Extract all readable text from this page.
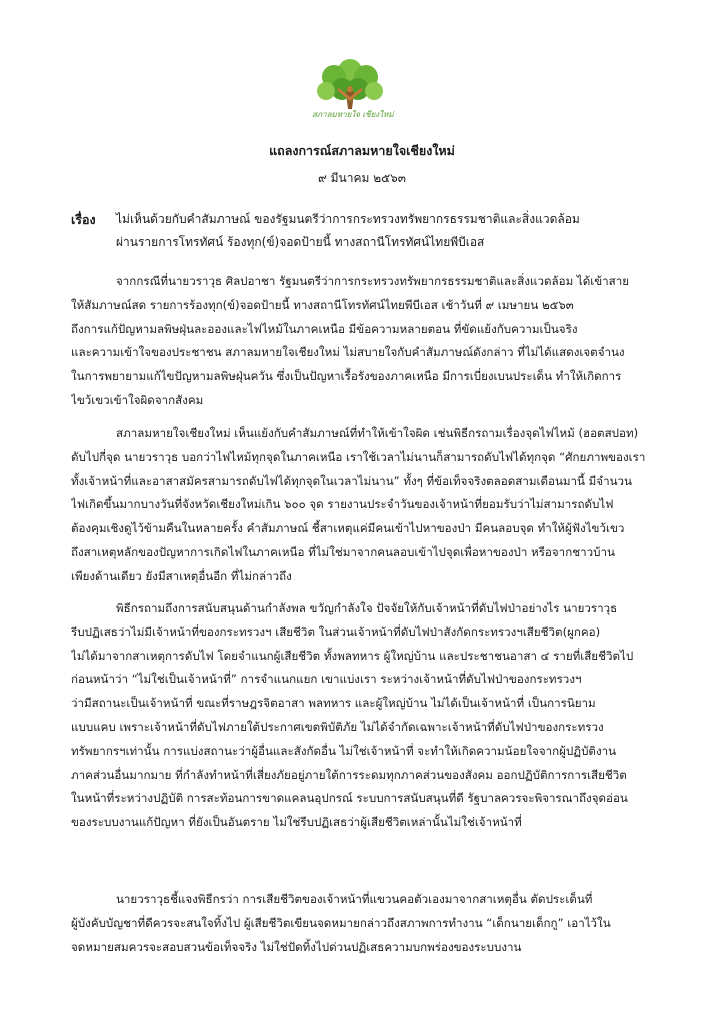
สภาลมหายใจ เชียงใหม่
แถลงการณ์สภาลมหายใจเชียงใหม่
๙ มีนาคม ๒๕๖๓
เรื่อง ไม่เห็นด้วยกับคำสัมภาษณ์ ของรัฐมนตรีว่าการกระทรวงทรัพยากรธรรมชาติและสิ่งแวดล้อม
ผ่านรายการโทรทัศน์ ร้องทุก(ข์)จอดป้ายนี้ ทางสถานีโทรทัศน์ไทยพีบีเอส
จากกรณีที่นายวราวุธ ศิลปอาชา รัฐมนตรีว่าการกระทรวงทรัพยากรธรรมชาติและสิ่งแวดล้อม ได้เข้าสาย
ให้สัมภาษณ์สด รายการร้องทุก(ข์)จอดป้ายนี้ ทางสถานีโทรทัศน์ไทยพีบีเอส เช้าวันที่ ๙ เมษายน ๒๕๖๓
ถึงการแก้ปัญหามลพิษฝุ่นละอองและไฟไหม้ในภาคเหนือ มีข้อความหลายตอน ที่ขัดแย้งกับความเป็นจริง
และความเข้าใจของประชาชน สภาลมหายใจเชียงใหม่ ไม่สบายใจกับคำสัมภาษณ์ดังกล่าว ที่ไม่ได้แสดงเจตจำนง
ในการพยายามแก้ไขปัญหามลพิษฝุ่นควัน ซึ่งเป็นปัญหาเรื้อรังของภาคเหนือ มีการเบี่ยงเบนประเด็น ทำให้เกิดการ
ไขว้เขวเข้าใจผิดจากสังคม
สภาลมหายใจเชียงใหม่ เห็นแย้งกับคำสัมภาษณ์ที่ทำให้เข้าใจผิด เช่นพิธีกรถามเรื่องจุดไฟไหม้ (ฮอตสปอท)
ดับไปกี่จุด นายวราวุธ บอกว่าไฟไหม้ทุกจุดในภาคเหนือ เราใช้เวลาไม่นานก็สามารถดับไฟได้ทุกจุด “ศักยภาพของเรา
ทั้งเจ้าหน้าที่และอาสาสมัครสามารถดับไฟได้ทุกจุดในเวลาไม่นาน” ทั้งๆ ที่ข้อเท็จจริงตลอดสามเดือนมานี้ มีจำนวน
ไฟเกิดขึ้นมากบางวันที่จังหวัดเชียงใหม่เกิน ๖๐๐ จุด รายงานประจำวันของเจ้าหน้าที่ยอมรับว่าไม่สามารถดับไฟ
ต้องคุมเชิงดูไว้ข้ามคืนในหลายครั้ง คำสัมภาษณ์ ชี้สาเหตุแค่มีคนเข้าไปหาของป่า มีคนลอบจุด ทำให้ผู้ฟังไขว้เขว
ถึงสาเหตุหลักของปัญหาการเกิดไฟในภาคเหนือ ที่ไม่ใช่มาจากคนลอบเข้าไปจุดเพื่อหาของป่า หรือจากชาวบ้าน
เพียงด้านเดียว ยังมีสาเหตุอื่นอีก ที่ไม่กล่าวถึง
พิธีกรถามถึงการสนับสนุนด้านกำลังพล ขวัญกำลังใจ ปัจจัยให้กับเจ้าหน้าที่ดับไฟป่าอย่างไร นายวราวุธ
รีบปฏิเสธว่าไม่มีเจ้าหน้าที่ของกระทรวงฯ เสียชีวิต ในส่วนเจ้าหน้าที่ดับไฟป่าสังกัดกระทรวงฯเสียชีวิต(ผูกคอ)
ไม่ได้มาจากสาเหตุการดับไฟ โดยจำแนกผู้เสียชีวิต ทั้งพลทหาร ผู้ใหญ่บ้าน และประชาชนอาสา ๔ รายที่เสียชีวิตไป
ก่อนหน้าว่า “ไม่ใช่เป็นเจ้าหน้าที่” การจำแนกแยก เขาแบ่งเรา ระหว่างเจ้าหน้าที่ดับไฟป่าของกระทรวงฯ
ว่ามีสถานะเป็นเจ้าหน้าที่ ขณะที่ราษฎรจิตอาสา พลทหาร และผู้ใหญ่บ้าน ไม่ได้เป็นเจ้าหน้าที่ เป็นการนิยาม
แบบแคบ เพราะเจ้าหน้าที่ดับไฟภายใต้ประกาศเขตพิบัติภัย ไม่ได้จำกัดเฉพาะเจ้าหน้าที่ดับไฟป่าของกระทรวง
ทรัพยากรฯเท่านั้น การแบ่งสถานะว่าผู้อื่นและสังกัดอื่น ไม่ใช่เจ้าหน้าที่ จะทำให้เกิดความน้อยใจจากผู้ปฏิบัติงาน
ภาคส่วนอื่นมากมาย ที่กำลังทำหน้าที่เสี่ยงภัยอยู่ภายใต้การระดมทุกภาคส่วนของสังคม ออกปฏิบัติการการเสียชีวิต
ในหน้าที่ระหว่างปฏิบัติ การสะท้อนการขาดแคลนอุปกรณ์ ระบบการสนับสนุนที่ดี รัฐบาลควรจะพิจารณาถึงจุดอ่อน
ของระบบงานแก้ปัญหา ที่ยังเป็นอันตราย ไม่ใช่รีบปฏิเสธว่าผู้เสียชีวิตเหล่านั้นไม่ใช่เจ้าหน้าที่
นายวราวุธชี้แจงพิธีกรว่า การเสียชีวิตของเจ้าหน้าที่แขวนคอตัวเองมาจากสาเหตุอื่น ตัดประเด็นที่
ผู้บังคับบัญชาที่ดีควรจะสนใจทิ้งไป ผู้เสียชีวิตเขียนจดหมายกล่าวถึงสภาพการทำงาน “เด็กนายเด็กกู” เอาไว้ใน
จดหมายสมควรจะสอบสวนข้อเท็จจริง ไม่ใช่ปัดทิ้งไปด่วนปฏิเสธความบกพร่องของระบบงาน
